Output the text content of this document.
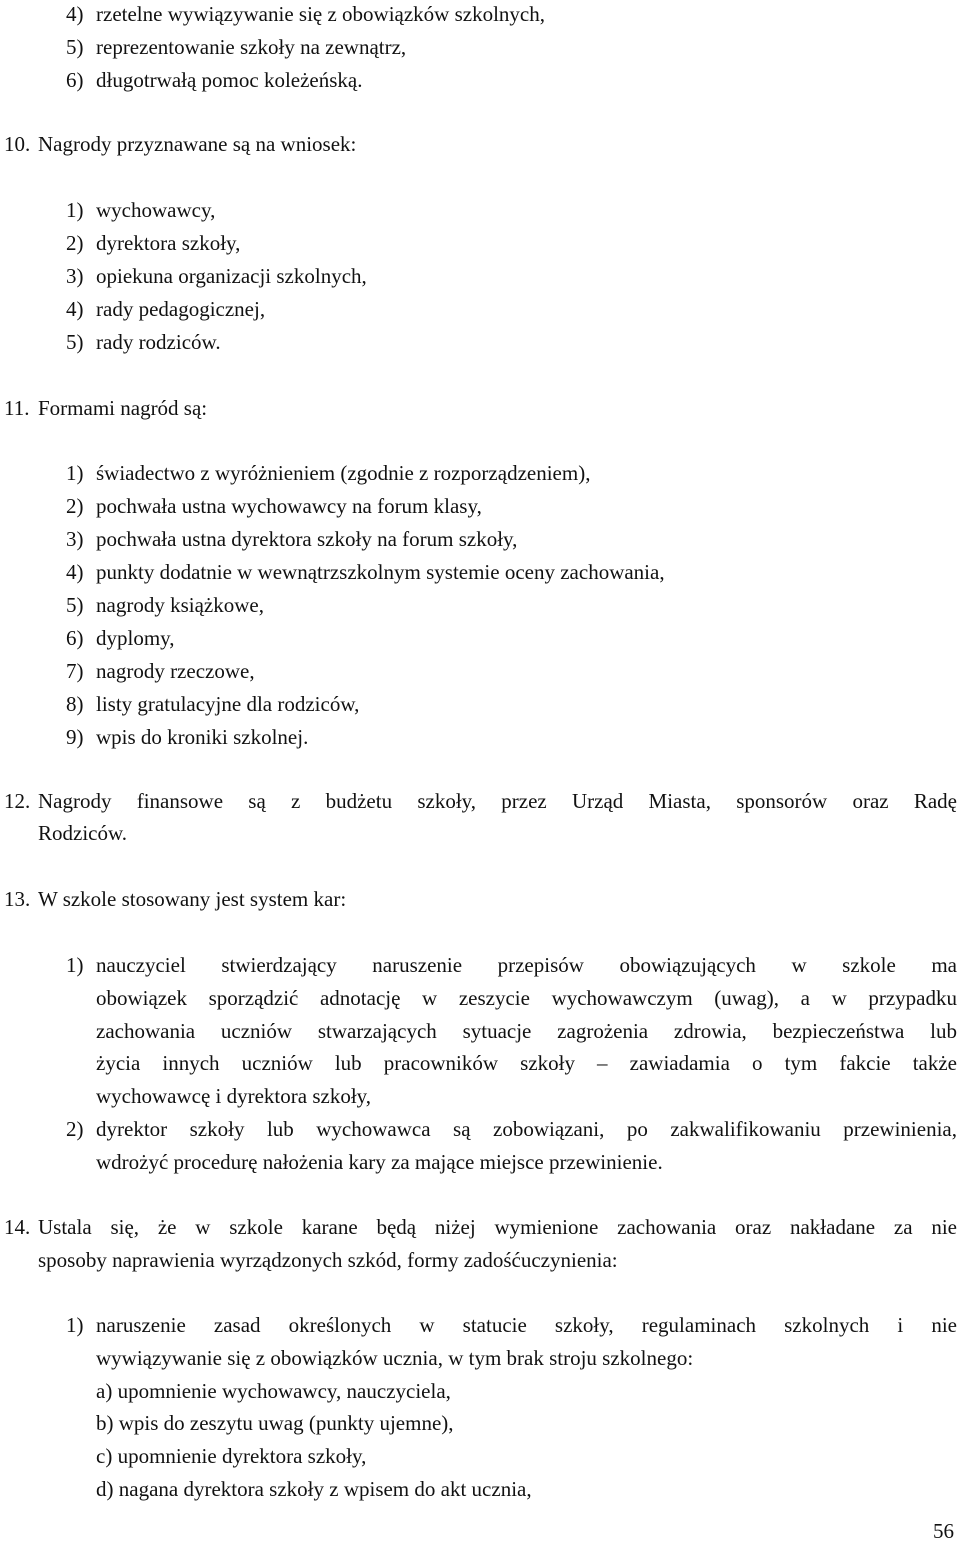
4) rzetelne wywiązywanie się z obowiązków szkolnych,
5) reprezentowanie szkoły na zewnątrz,
6) długotrwałą pomoc koleżeńską.
10. Nagrody przyznawane są na wniosek:
1) wychowawcy,
2) dyrektora szkoły,
3) opiekuna organizacji szkolnych,
4) rady pedagogicznej,
5) rady rodziców.
11. Formami nagród są:
1) świadectwo z wyróżnieniem (zgodnie z rozporządzeniem),
2) pochwała ustna wychowawcy na forum klasy,
3) pochwała ustna dyrektora szkoły na forum szkoły,
4) punkty dodatnie w wewnątrzszkolnym systemie oceny zachowania,
5) nagrody książkowe,
6) dyplomy,
7) nagrody rzeczowe,
8) listy gratulacyjne dla rodziców,
9) wpis do kroniki szkolnej.
12. Nagrody finansowe są z budżetu szkoły, przez Urząd Miasta, sponsorów oraz Radę
Rodziców.
13. W szkole stosowany jest system kar:
1) nauczyciel stwierdzający naruszenie przepisów obowiązujących w szkole ma
obowiązek sporządzić adnotację w zeszycie wychowawczym (uwag), a w przypadku
zachowania uczniów stwarzających sytuacje zagrożenia zdrowia, bezpieczeństwa lub
życia innych uczniów lub pracowników szkoły – zawiadamia o tym fakcie także
wychowawcę i dyrektora szkoły,
2) dyrektor szkoły lub wychowawca są zobowiązani, po zakwalifikowaniu przewinienia,
wdrożyć procedurę nałożenia kary za mające miejsce przewinienie.
14. Ustala się, że w szkole karane będą niżej wymienione zachowania oraz nakładane za nie
sposoby naprawienia wyrządzonych szkód, formy zadośćuczynienia:
1) naruszenie zasad określonych w statucie szkoły, regulaminach szkolnych i nie
wywiązywanie się z obowiązków ucznia, w tym brak stroju szkolnego:
a) upomnienie wychowawcy, nauczyciela,
b) wpis do zeszytu uwag (punkty ujemne),
c) upomnienie dyrektora szkoły,
d) nagana dyrektora szkoły z wpisem do akt ucznia,
56
